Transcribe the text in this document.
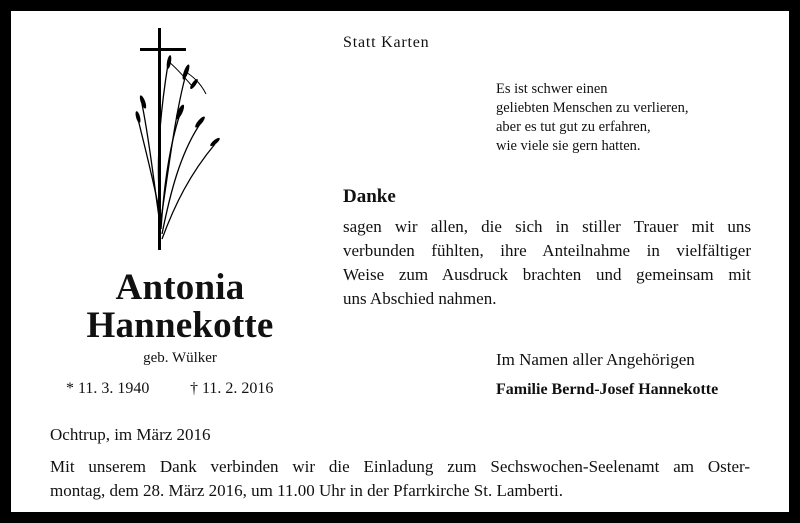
Statt Karten
Es ist schwer einen
geliebten Menschen zu verlieren,
aber es tut gut zu erfahren,
wie viele sie gern hatten.
Danke
sagen wir allen, die sich in stiller Trauer mit uns
verbunden fühlten, ihre Anteilnahme in vielfältiger
Weise zum Ausdruck brachten und gemeinsam mit
uns Abschied nahmen.
Antonia
Hannekotte
geb. Wülker
* 11. 3. 1940	† 11. 2. 2016
Im Namen aller Angehörigen
Familie Bernd-Josef Hannekotte
Ochtrup, im März 2016
Mit unserem Dank verbinden wir die Einladung zum Sechswochen-Seelenamt am Oster-
montag, dem 28. März 2016, um 11.00 Uhr in der Pfarrkirche St. Lamberti.
